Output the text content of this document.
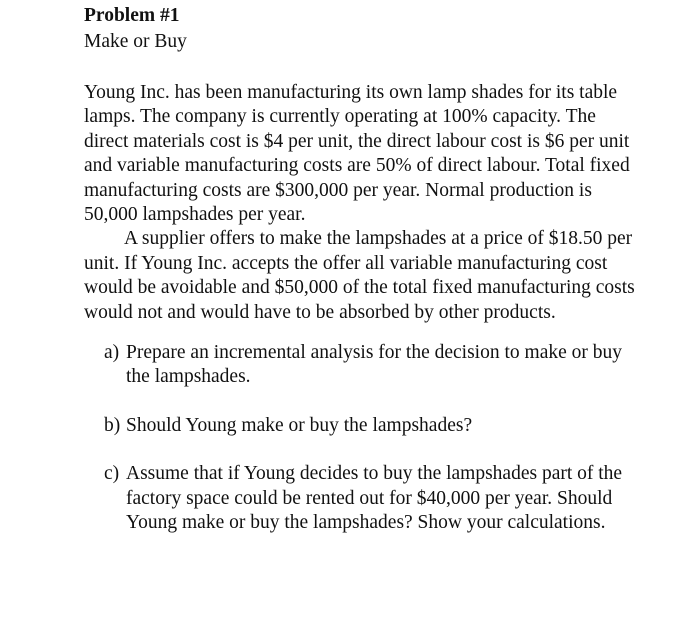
Problem #1
Make or Buy

Young Inc. has been manufacturing its own lamp shades for its table lamps. The company is currently operating at 100% capacity. The direct materials cost is $4 per unit, the direct labour cost is $6 per unit and variable manufacturing costs are 50% of direct labour. Total fixed manufacturing costs are $300,000 per year. Normal production is 50,000 lampshades per year.

A supplier offers to make the lampshades at a price of $18.50 per unit. If Young Inc. accepts the offer all variable manufacturing cost would be avoidable and $50,000 of the total fixed manufacturing costs would not and would have to be absorbed by other products.

a) Prepare an incremental analysis for the decision to make or buy the lampshades.
b) Should Young make or buy the lampshades?
c) Assume that if Young decides to buy the lampshades part of the factory space could be rented out for $40,000 per year. Should Young make or buy the lampshades? Show your calculations.
